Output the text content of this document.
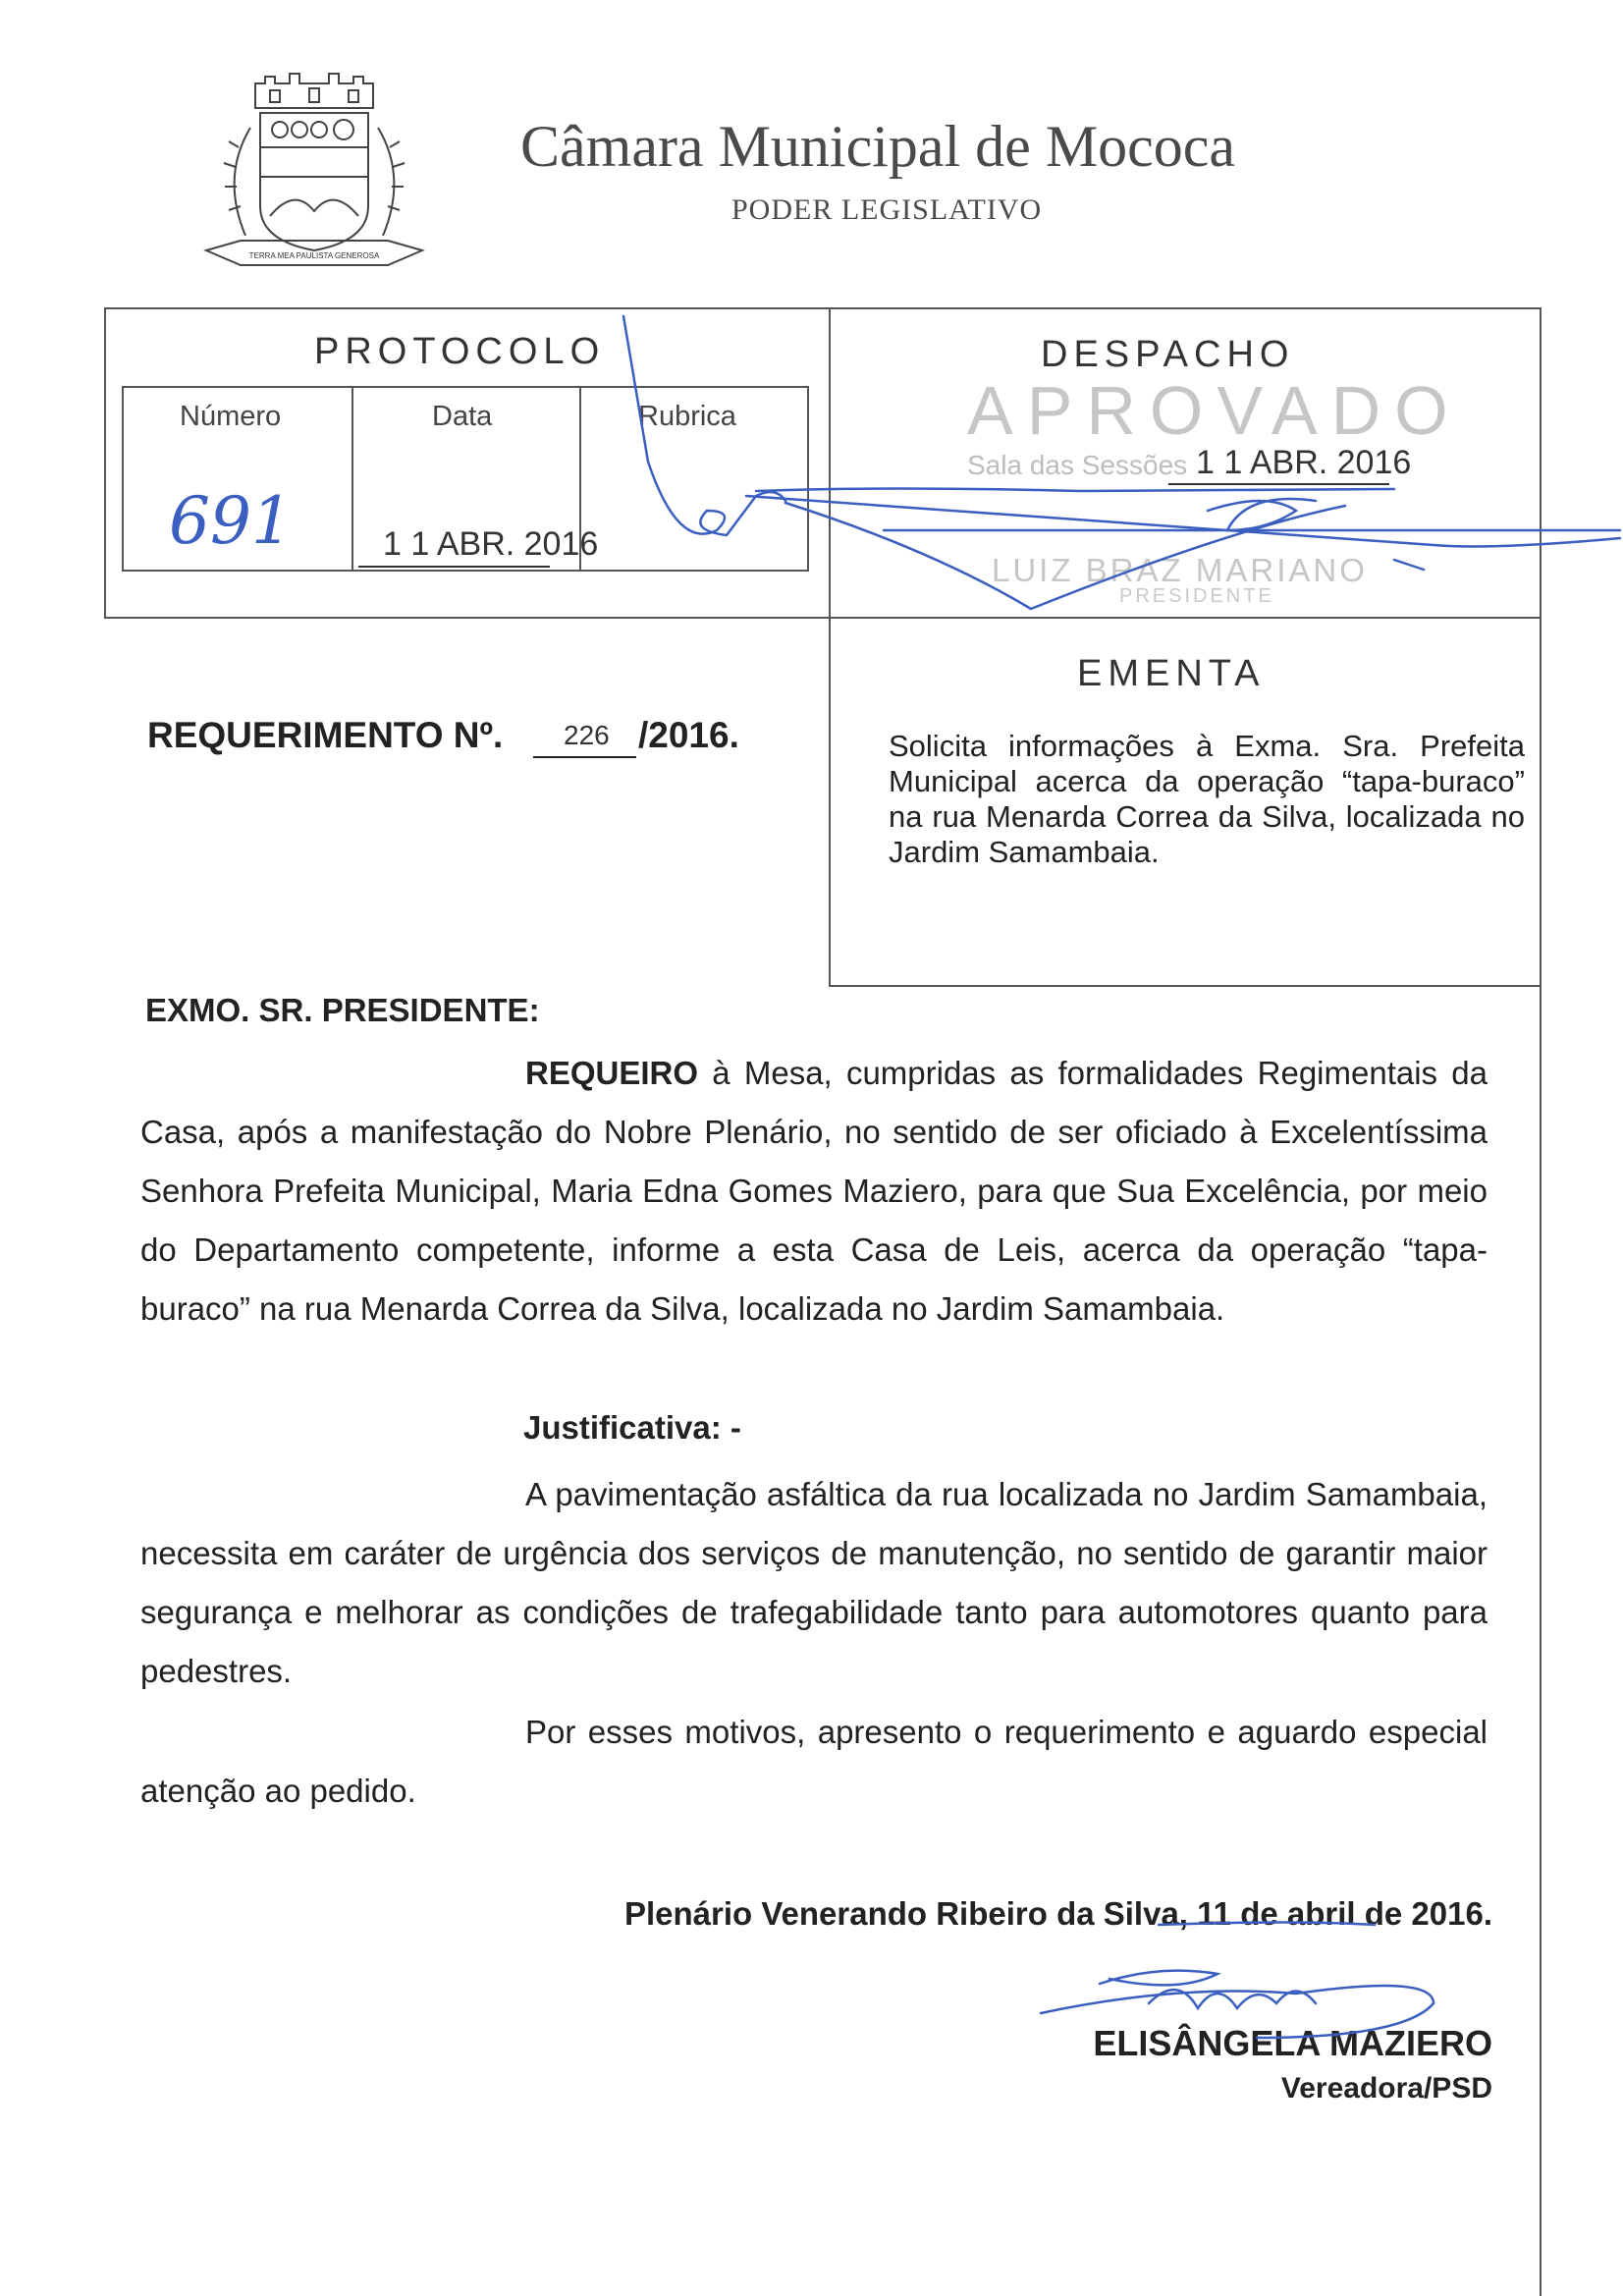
TERRA MEA PAULISTA GENEROSA
Câmara Municipal de Mococa
PODER LEGISLATIVO
PROTOCOLO
Número	Data	Rubrica
691	1 1 ABR. 2016
DESPACHO
APROVADO
Sala das Sessões 1 1 ABR. 2016
LUIZ BRAZ MARIANO
PRESIDENTE
REQUERIMENTO Nº. 226 /2016.
EMENTA
Solicita informações à Exma. Sra. Prefeita Municipal acerca da operação “tapa-buraco” na rua Menarda Correa da Silva, localizada no Jardim Samambaia.
EXMO. SR. PRESIDENTE:
REQUEIRO à Mesa, cumpridas as formalidades Regimentais da Casa, após a manifestação do Nobre Plenário, no sentido de ser oficiado à Excelentíssima Senhora Prefeita Municipal, Maria Edna Gomes Maziero, para que Sua Excelência, por meio do Departamento competente, informe a esta Casa de Leis, acerca da operação “tapa-buraco” na rua Menarda Correa da Silva, localizada no Jardim Samambaia.
Justificativa: -
A pavimentação asfáltica da rua localizada no Jardim Samambaia, necessita em caráter de urgência dos serviços de manutenção, no sentido de garantir maior segurança e melhorar as condições de trafegabilidade tanto para automotores quanto para pedestres.
Por esses motivos, apresento o requerimento e aguardo especial atenção ao pedido.
Plenário Venerando Ribeiro da Silva, 11 de abril de 2016.
ELISÂNGELA MAZIERO
Vereadora/PSD
